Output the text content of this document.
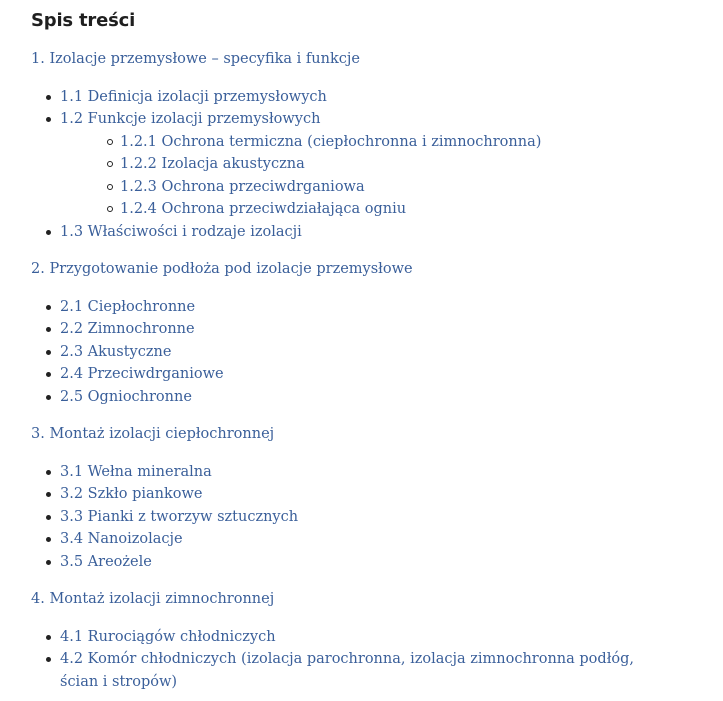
Spis treści
1. Izolacje przemysłowe – specyfika i funkcje
1.1 Definicja izolacji przemysłowych
1.2 Funkcje izolacji przemysłowych
1.2.1 Ochrona termiczna (ciepłochronna i zimnochronna)
1.2.2 Izolacja akustyczna
1.2.3 Ochrona przeciwdrganiowa
1.2.4 Ochrona przeciwdziałająca ogniu
1.3 Właściwości i rodzaje izolacji
2. Przygotowanie podłoża pod izolacje przemysłowe
2.1 Ciepłochronne
2.2 Zimnochronne
2.3 Akustyczne
2.4 Przeciwdrganiowe
2.5 Ogniochronne
3. Montaż izolacji ciepłochronnej
3.1 Wełna mineralna
3.2 Szkło piankowe
3.3 Pianki z tworzyw sztucznych
3.4 Nanoizolacje
3.5 Areożele
4. Montaż izolacji zimnochronnej
4.1 Rurociągów chłodniczych
4.2 Komór chłodniczych (izolacja parochronna, izolacja zimnochronna podłóg,
ścian i stropów)
